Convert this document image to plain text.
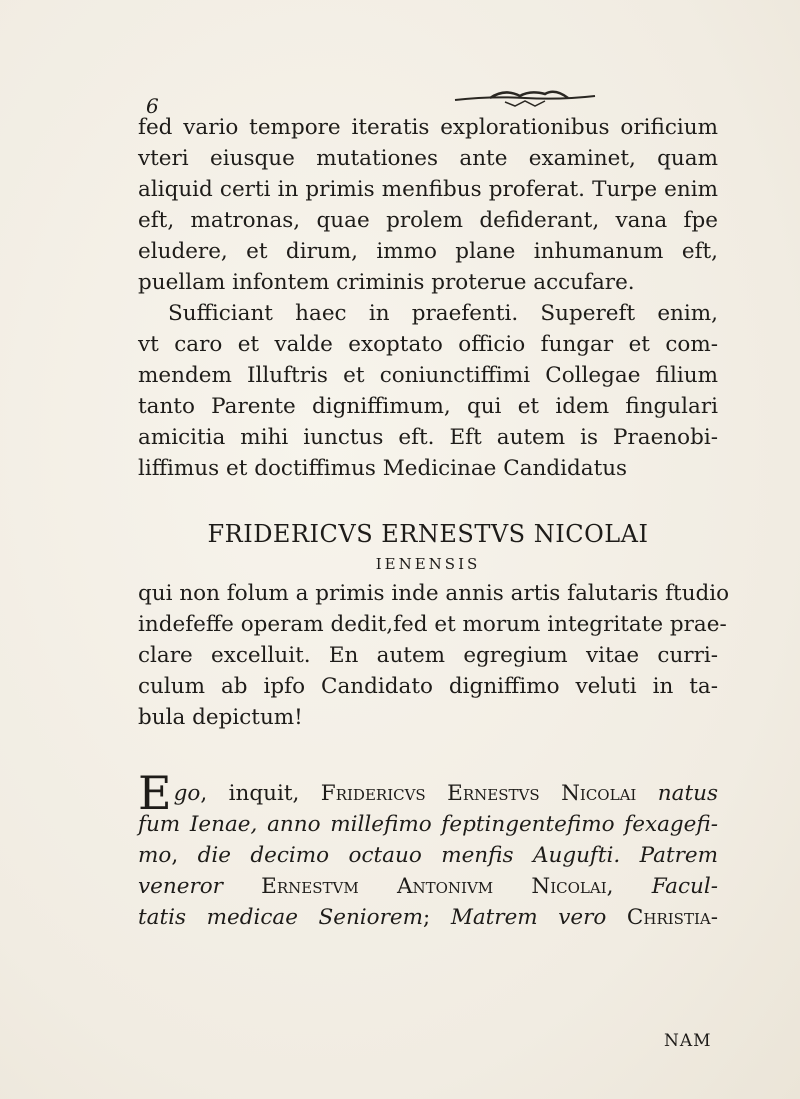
6
fed vario tempore iteratis explorationibus orificium
vteri eiusque mutationes ante examinet, quam
aliquid certi in primis menfibus proferat. Turpe enim
eft, matronas, quae prolem defiderant, vana fpe
eludere, et dirum, immo plane inhumanum eft,
puellam infontem criminis proterue accufare.
Sufficiant haec in praefenti. Supereft enim,
vt caro et valde exoptato officio fungar et com-
mendem Illuftris et coniunctiffimi Collegae filium
tanto Parente digniffimum, qui et idem fingulari
amicitia mihi iunctus eft. Eft autem is Praenobi-
liffimus et doctiffimus Medicinae Candidatus
FRIDERICVS ERNESTVS NICOLAI
IENENSIS
qui non folum a primis inde annis artis falutaris ftudio
indefeffe operam dedit,fed et morum integritate prae-
clare excelluit. En autem egregium vitae curri-
culum ab ipfo Candidato digniffimo veluti in ta-
bula depictum!
Ego, inquit, Fridericvs Ernestvs Nicolai natus
fum Ienae, anno millefimo feptingentefimo fexagefi-
mo, die decimo octauo menfis Augufti. Patrem
veneror Ernestvm Antonivm Nicolai, Facul-
tatis medicae Seniorem; Matrem vero Christia-
NAM
